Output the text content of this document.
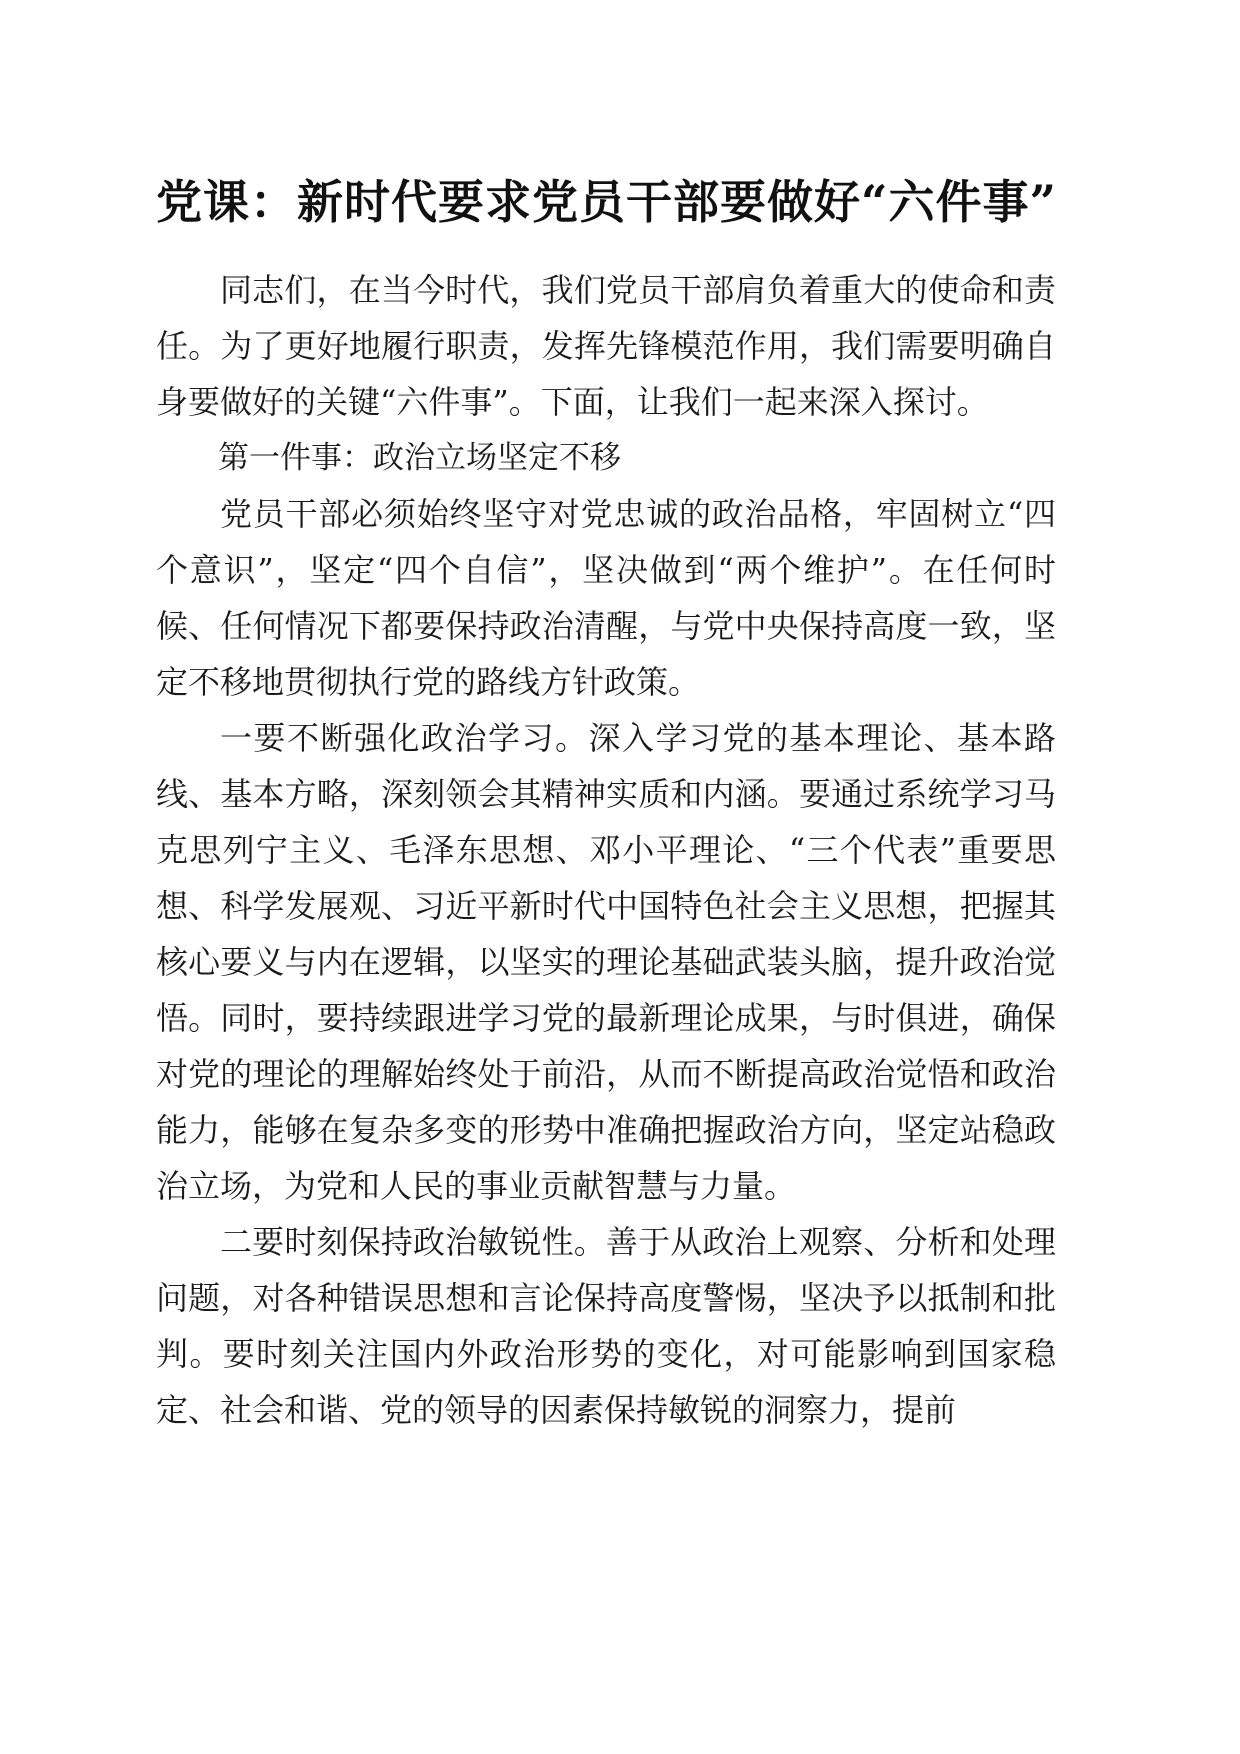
党课：新时代要求党员干部要做好“六件事”

同志们，在当今时代，我们党员干部肩负着重大的使命和责任。为了更好地履行职责，发挥先锋模范作用，我们需要明确自身要做好的关键“六件事”。下面，让我们一起来深入探讨。

第一件事：政治立场坚定不移

党员干部必须始终坚守对党忠诚的政治品格，牢固树立“四个意识”，坚定“四个自信”，坚决做到“两个维护”。在任何时候、任何情况下都要保持政治清醒，与党中央保持高度一致，坚定不移地贯彻执行党的路线方针政策。

一要不断强化政治学习。深入学习党的基本理论、基本路线、基本方略，深刻领会其精神实质和内涵。要通过系统学习马克思列宁主义、毛泽东思想、邓小平理论、“三个代表”重要思想、科学发展观、习近平新时代中国特色社会主义思想，把握其核心要义与内在逻辑，以坚实的理论基础武装头脑，提升政治觉悟。同时，要持续跟进学习党的最新理论成果，与时俱进，确保对党的理论的理解始终处于前沿，从而不断提高政治觉悟和政治能力，能够在复杂多变的形势中准确把握政治方向，坚定站稳政治立场，为党和人民的事业贡献智慧与力量。

二要时刻保持政治敏锐性。善于从政治上观察、分析和处理问题，对各种错误思想和言论保持高度警惕，坚决予以抵制和批判。要时刻关注国内外政治形势的变化，对可能影响到国家稳定、社会和谐、党的领导的因素保持敏锐的洞察力，提前
